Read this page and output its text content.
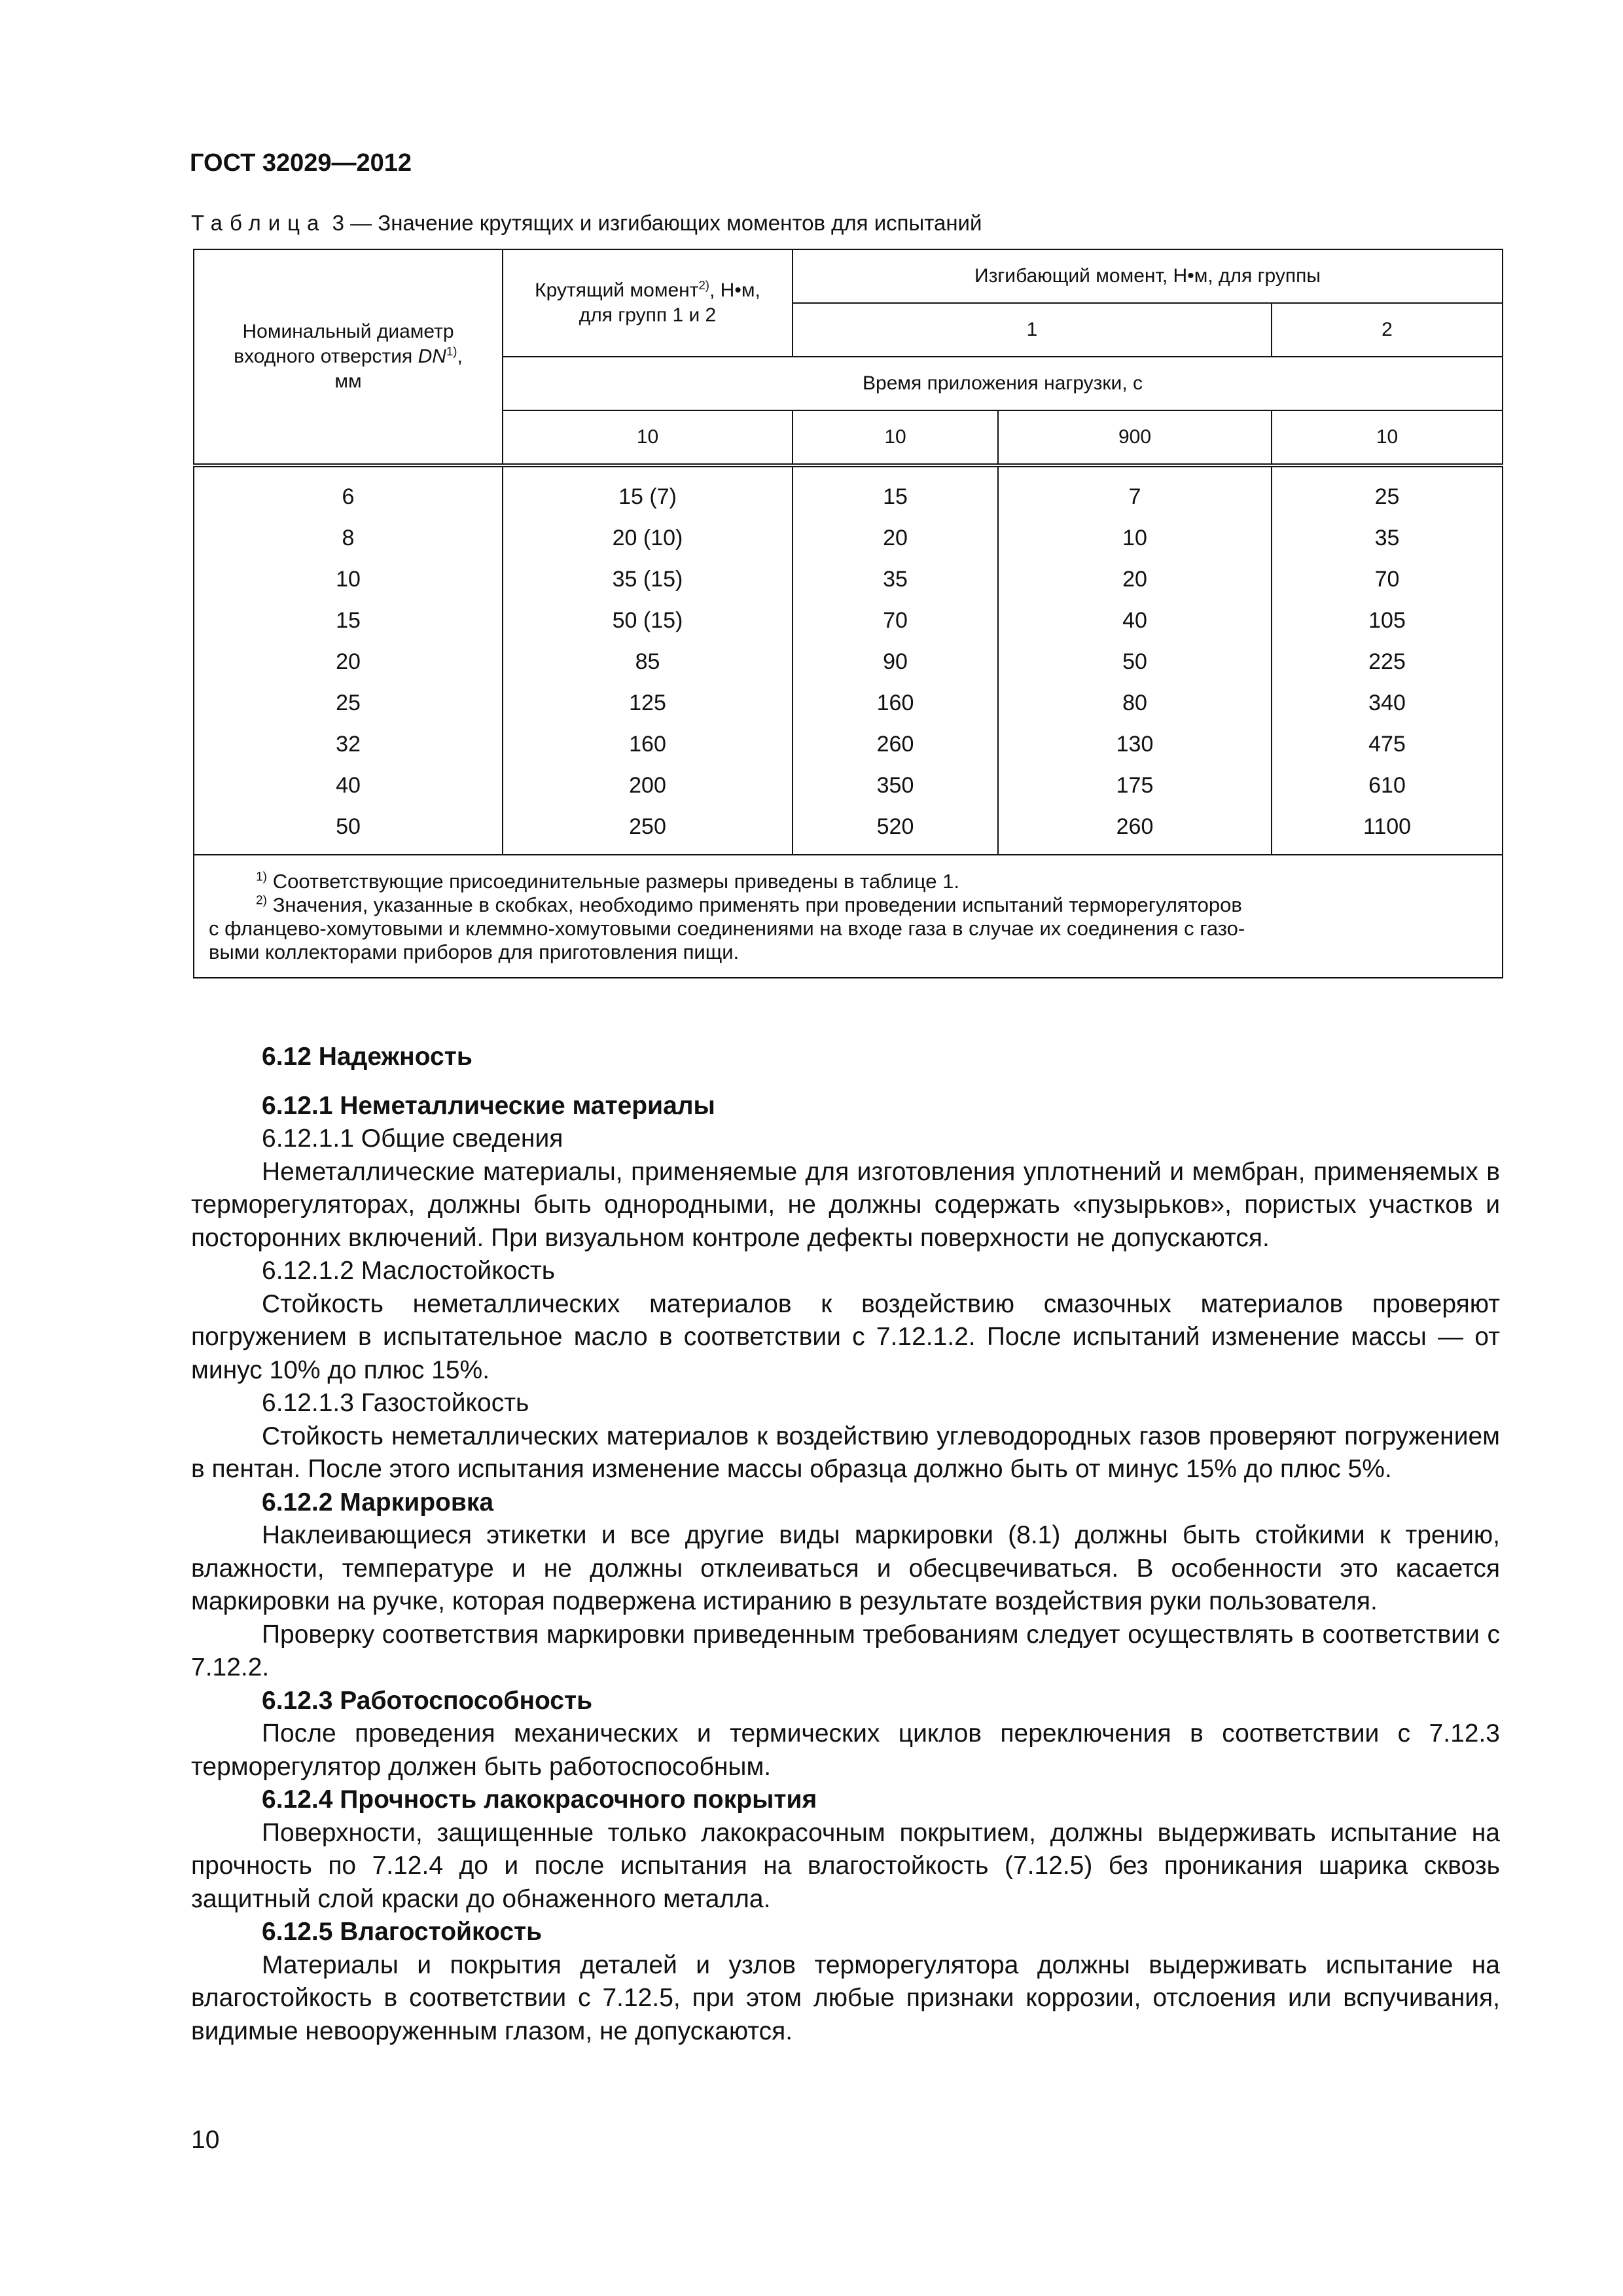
ГОСТ 32029—2012
Таблица 3 — Значение крутящих и изгибающих моментов для испытаний
Номинальный диаметр
входного отверстия DN$^{1)}$,
мм	Крутящий момент$^{2)}$, Н•м,
для групп 1 и 2	Изгибающий момент, Н•м, для группы		
		1		2
	Время приложения нагрузки, с			
	10	10	900	10
6	15 (7)	15	7	25
8	20 (10)	20	10	35
10	35 (15)	35	20	70
15	50 (15)	70	40	105
20	85	90	50	225
25	125	160	80	340
32	160	260	130	475
40	200	350	175	610
50	250	520	260	1100

$^{1)}$ Соответствующие присоединительные размеры приведены в таблице 1.
$^{2)}$ Значения, указанные в скобках, необходимо применять при проведении испытаний терморегуляторов
с фланцево-хомутовыми и клеммно-хомутовыми соединениями на входе газа в случае их соединения с газо-
выми коллекторами приборов для приготовления пищи.				

6.12 Надежность

6.12.1 Неметаллические материалы

6.12.1.1 Общие сведения

Неметаллические материалы, применяемые для изготовления уплотнений и мембран, применяемых в терморегуляторах, должны быть однородными, не должны содержать «пузырьков», пористых участков и посторонних включений. При визуальном контроле дефекты поверхности не допускаются.

6.12.1.2 Маслостойкость

Стойкость неметаллических материалов к воздействию смазочных материалов проверяют погружением в испытательное масло в соответствии с 7.12.1.2. После испытаний изменение массы — от минус 10% до плюс 15%.

6.12.1.3 Газостойкость

Стойкость неметаллических материалов к воздействию углеводородных газов проверяют погружением в пентан. После этого испытания изменение массы образца должно быть от минус 15% до плюс 5%.

6.12.2 Маркировка

Наклеивающиеся этикетки и все другие виды маркировки (8.1) должны быть стойкими к трению, влажности, температуре и не должны отклеиваться и обесцвечиваться. В особенности это касается маркировки на ручке, которая подвержена истиранию в результате воздействия руки пользователя.

Проверку соответствия маркировки приведенным требованиям следует осуществлять в соответствии с 7.12.2.

6.12.3 Работоспособность

После проведения механических и термических циклов переключения в соответствии с 7.12.3 терморегулятор должен быть работоспособным.

6.12.4 Прочность лакокрасочного покрытия

Поверхности, защищенные только лакокрасочным покрытием, должны выдерживать испытание на прочность по 7.12.4 до и после испытания на влагостойкость (7.12.5) без проникания шарика сквозь защитный слой краски до обнаженного металла.

6.12.5 Влагостойкость

Материалы и покрытия деталей и узлов терморегулятора должны выдерживать испытание на влагостойкость в соответствии с 7.12.5, при этом любые признаки коррозии, отслоения или вспучивания, видимые невооруженным глазом, не допускаются.

10
